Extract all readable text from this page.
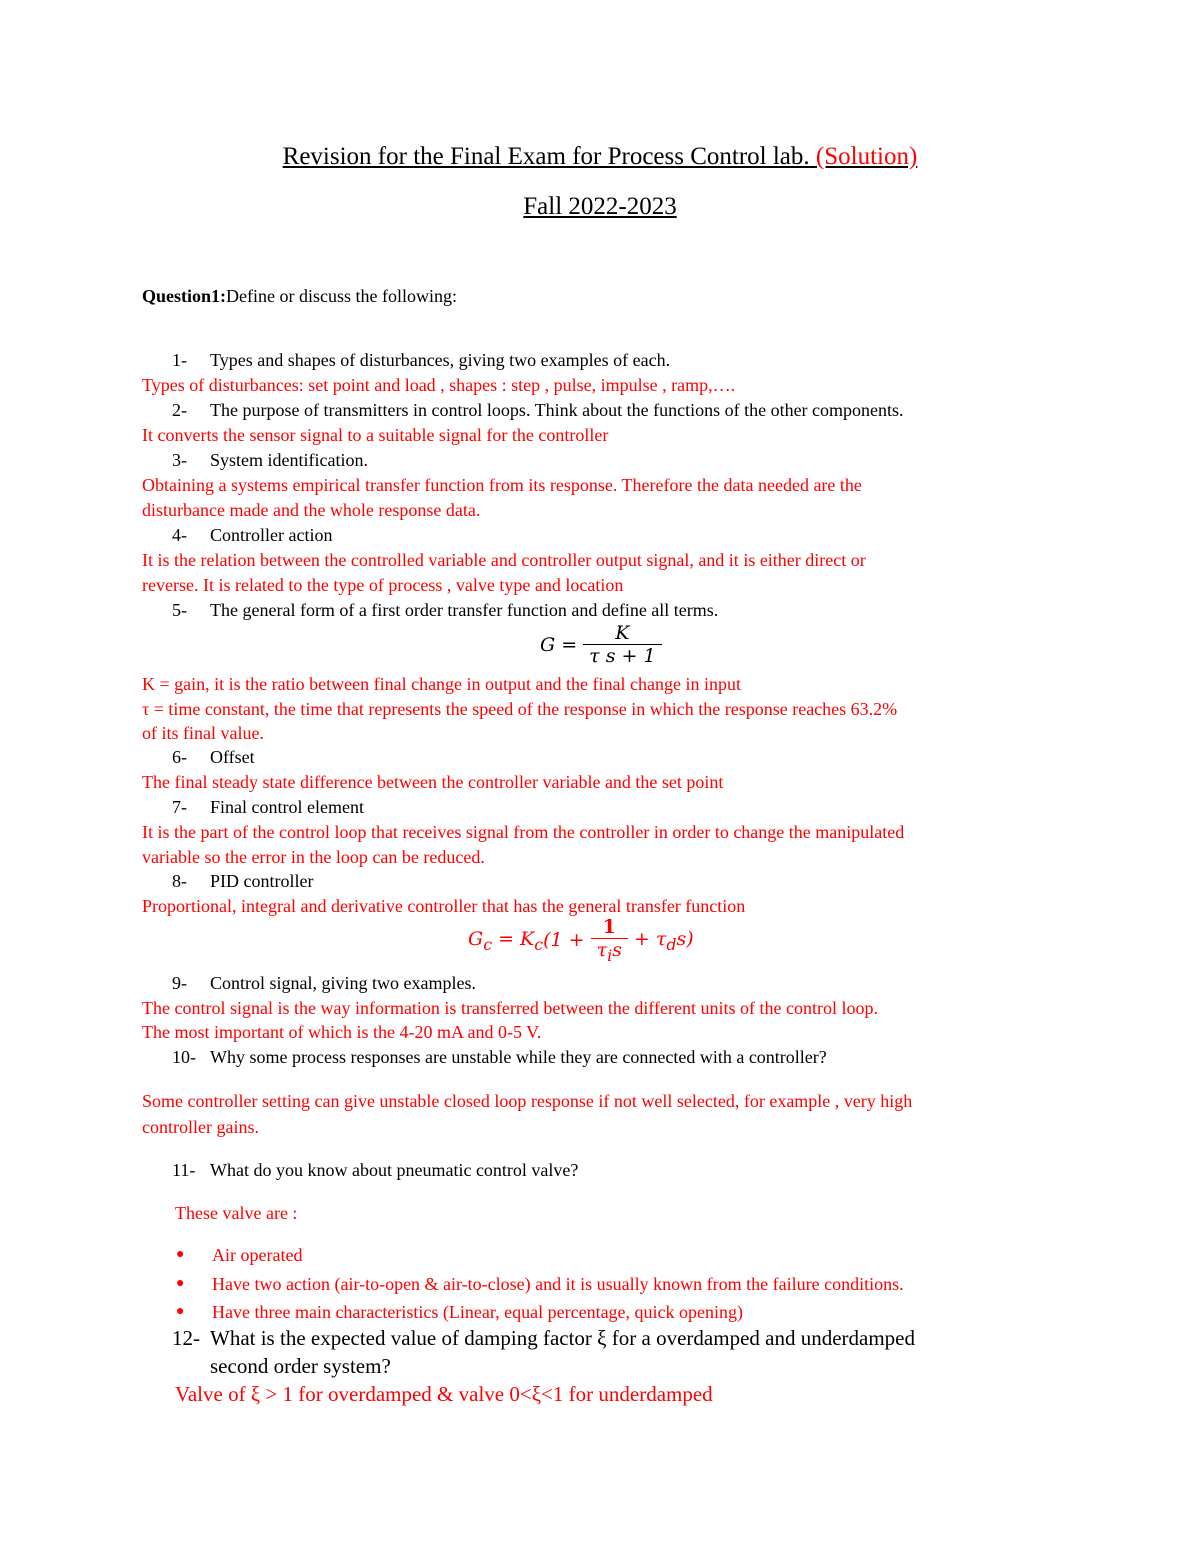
Revision for the Final Exam for Process Control lab. (Solution)
Fall 2022-2023
Question1:Define or discuss the following:
1- Types and shapes of disturbances, giving two examples of each.
Types of disturbances: set point and load , shapes : step , pulse, impulse , ramp,….
2- The purpose of transmitters in control loops. Think about the functions of the other components.
It converts the sensor signal to a suitable signal for the controller
3- System identification.
Obtaining a systems empirical transfer function from its response. Therefore the data needed are the
disturbance made and the whole response data.
4- Controller action
It is the relation between the controlled variable and controller output signal, and it is either direct or
reverse. It is related to the type of process , valve type and location
5- The general form of a first order transfer function and define all terms.
$G = \frac{K}{\text{τ s + 1}}$
K = gain, it is the ratio between final change in output and the final change in input
τ = time constant, the time that represents the speed of the response in which the response reaches 63.2%
of its final value.
6- Offset
The final steady state difference between the controller variable and the set point
7- Final control element
It is the part of the control loop that receives signal from the controller in order to change the manipulated
variable so the error in the loop can be reduced.
8- PID controller
Proportional, integral and derivative controller that has the general transfer function
$G_c = K_c$ $(1 + \frac{1}{\tau_is} + \tau_ds)$
9- Control signal, giving two examples.
The control signal is the way information is transferred between the different units of the control loop.
The most important of which is the 4-20 mA and 0-5 V.
10- Why some process responses are unstable while they are connected with a controller?
Some controller setting can give unstable closed loop response if not well selected, for example , very high
controller gains.
11- What do you know about pneumatic control valve?
These valve are :
● Air operated
● Have two action (air-to-open & air-to-close) and it is usually known from the failure conditions.
● Have three main characteristics (Linear, equal percentage, quick opening)
12- What is the expected value of damping factor ξ for a overdamped and underdamped
second order system?
Valve of ξ > 1 for overdamped & valve 0<ξ<1 for underdamped
